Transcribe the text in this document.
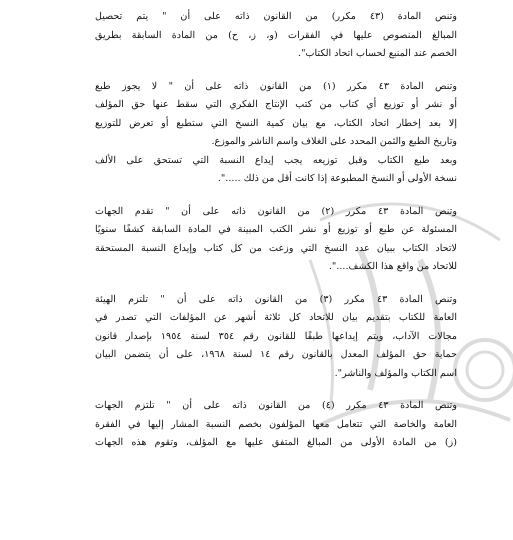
وتنص المادة (٤٣ مكرر) من القانون ذاته على أن " يتم تحصيل
المبالغ المنصوص عليها في الفقرات (و، ز، ح) من المادة السابقة بطريق
الخصم عند المنبع لحساب اتحاد الكتاب".
وتنص المادة ٤٣ مكرر (١) من القانون ذاته على أن " لا يجوز طبع
أو نشر أو توزيع أي كتاب من كتب الإنتاج الفكري التي سقط عنها حق المؤلف
إلا بعد إخطار اتحاد الكتاب، مع بيان كمية النسخ التي ستطبع أو تعرض للتوزيع
وتاريخ الطبع والثمن المحدد على الغلاف واسم الناشر والموزع.
وبعد طبع الكتاب وقبل توزيعه يجب إيداع النسبة التي تستحق على الألف
نسخة الأولى أو النسخ المطبوعة إذا كانت أقل من ذلك .....".
وتنص المادة ٤٣ مكرر (٢) من القانون ذاته على أن " تقدم الجهات
المسئولة عن طبع أو توزيع أو نشر الكتب المبينة في المادة السابقة كشفًا سنويًا
لاتحاد الكتاب ببيان عدد النسخ التي وزعت من كل كتاب وإيداع النسبة المستحقة
للاتحاد من واقع هذا الكشف....".
وتنص المادة ٤٣ مكرر (٣) من القانون ذاته على أن " تلتزم الهيئة
العامة للكتاب بتقديم بيان للاتحاد كل ثلاثة أشهر عن المؤلفات التي تصدر في
مجالات الآداب، ويتم إيداعها طبقًا للقانون رقم ٣٥٤ لسنة ١٩٥٤ بإصدار قانون
حماية حق المؤلف المعدل بالقانون رقم ١٤ لسنة ١٩٦٨، على أن يتضمن البيان
اسم الكتاب والمؤلف والناشر".
وتنص المادة ٤٣ مكرر (٤) من القانون ذاته على أن " تلتزم الجهات
العامة والخاصة التي تتعامل معها المؤلفون بخصم النسبة المشار إليها في الفقرة
(ز) من المادة الأولى من المبالغ المتفق عليها مع المؤلف، وتقوم هذه الجهات
